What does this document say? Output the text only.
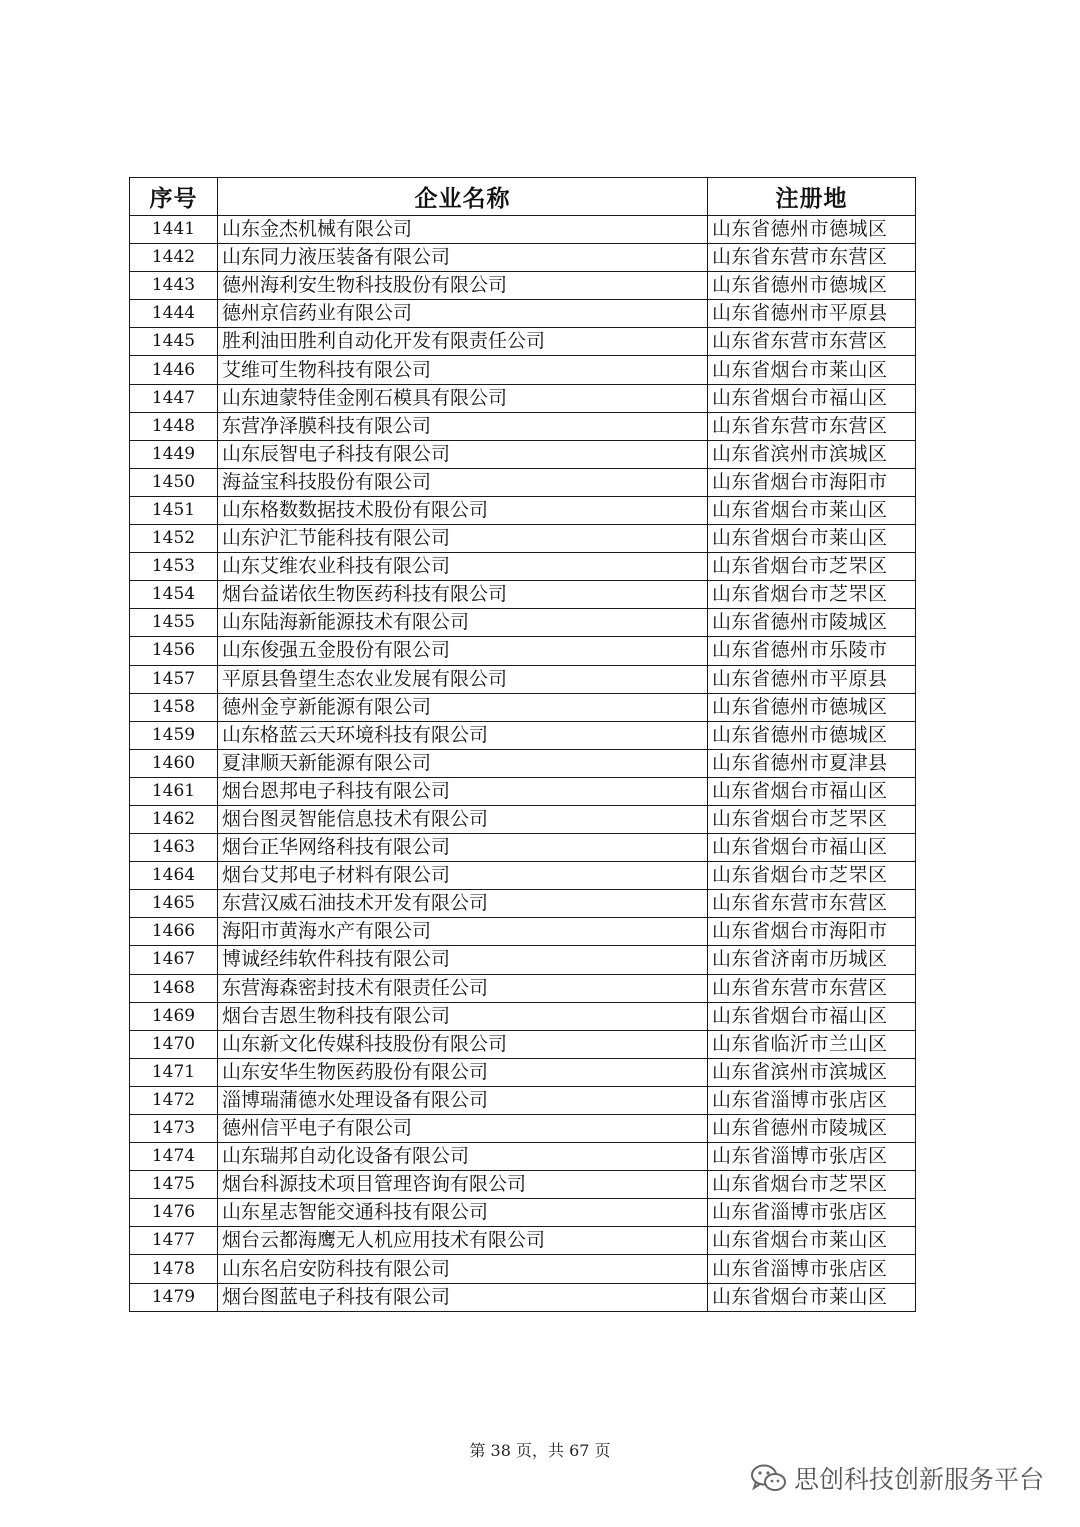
序号	企业名称	注册地
1441	山东金杰机械有限公司	山东省德州市德城区
1442	山东同力液压装备有限公司	山东省东营市东营区
1443	德州海利安生物科技股份有限公司	山东省德州市德城区
1444	德州京信药业有限公司	山东省德州市平原县
1445	胜利油田胜利自动化开发有限责任公司	山东省东营市东营区
1446	艾维可生物科技有限公司	山东省烟台市莱山区
1447	山东迪蒙特佳金刚石模具有限公司	山东省烟台市福山区
1448	东营净泽膜科技有限公司	山东省东营市东营区
1449	山东辰智电子科技有限公司	山东省滨州市滨城区
1450	海益宝科技股份有限公司	山东省烟台市海阳市
1451	山东格数数据技术股份有限公司	山东省烟台市莱山区
1452	山东沪汇节能科技有限公司	山东省烟台市莱山区
1453	山东艾维农业科技有限公司	山东省烟台市芝罘区
1454	烟台益诺依生物医药科技有限公司	山东省烟台市芝罘区
1455	山东陆海新能源技术有限公司	山东省德州市陵城区
1456	山东俊强五金股份有限公司	山东省德州市乐陵市
1457	平原县鲁望生态农业发展有限公司	山东省德州市平原县
1458	德州金亨新能源有限公司	山东省德州市德城区
1459	山东格蓝云天环境科技有限公司	山东省德州市德城区
1460	夏津顺天新能源有限公司	山东省德州市夏津县
1461	烟台恩邦电子科技有限公司	山东省烟台市福山区
1462	烟台图灵智能信息技术有限公司	山东省烟台市芝罘区
1463	烟台正华网络科技有限公司	山东省烟台市福山区
1464	烟台艾邦电子材料有限公司	山东省烟台市芝罘区
1465	东营汉威石油技术开发有限公司	山东省东营市东营区
1466	海阳市黄海水产有限公司	山东省烟台市海阳市
1467	博诚经纬软件科技有限公司	山东省济南市历城区
1468	东营海森密封技术有限责任公司	山东省东营市东营区
1469	烟台吉恩生物科技有限公司	山东省烟台市福山区
1470	山东新文化传媒科技股份有限公司	山东省临沂市兰山区
1471	山东安华生物医药股份有限公司	山东省滨州市滨城区
1472	淄博瑞蒲德水处理设备有限公司	山东省淄博市张店区
1473	德州信平电子有限公司	山东省德州市陵城区
1474	山东瑞邦自动化设备有限公司	山东省淄博市张店区
1475	烟台科源技术项目管理咨询有限公司	山东省烟台市芝罘区
1476	山东星志智能交通科技有限公司	山东省淄博市张店区
1477	烟台云都海鹰无人机应用技术有限公司	山东省烟台市莱山区
1478	山东名启安防科技有限公司	山东省淄博市张店区
1479	烟台图蓝电子科技有限公司	山东省烟台市莱山区
第 38 页，共 67 页
思创科技创新服务平台
